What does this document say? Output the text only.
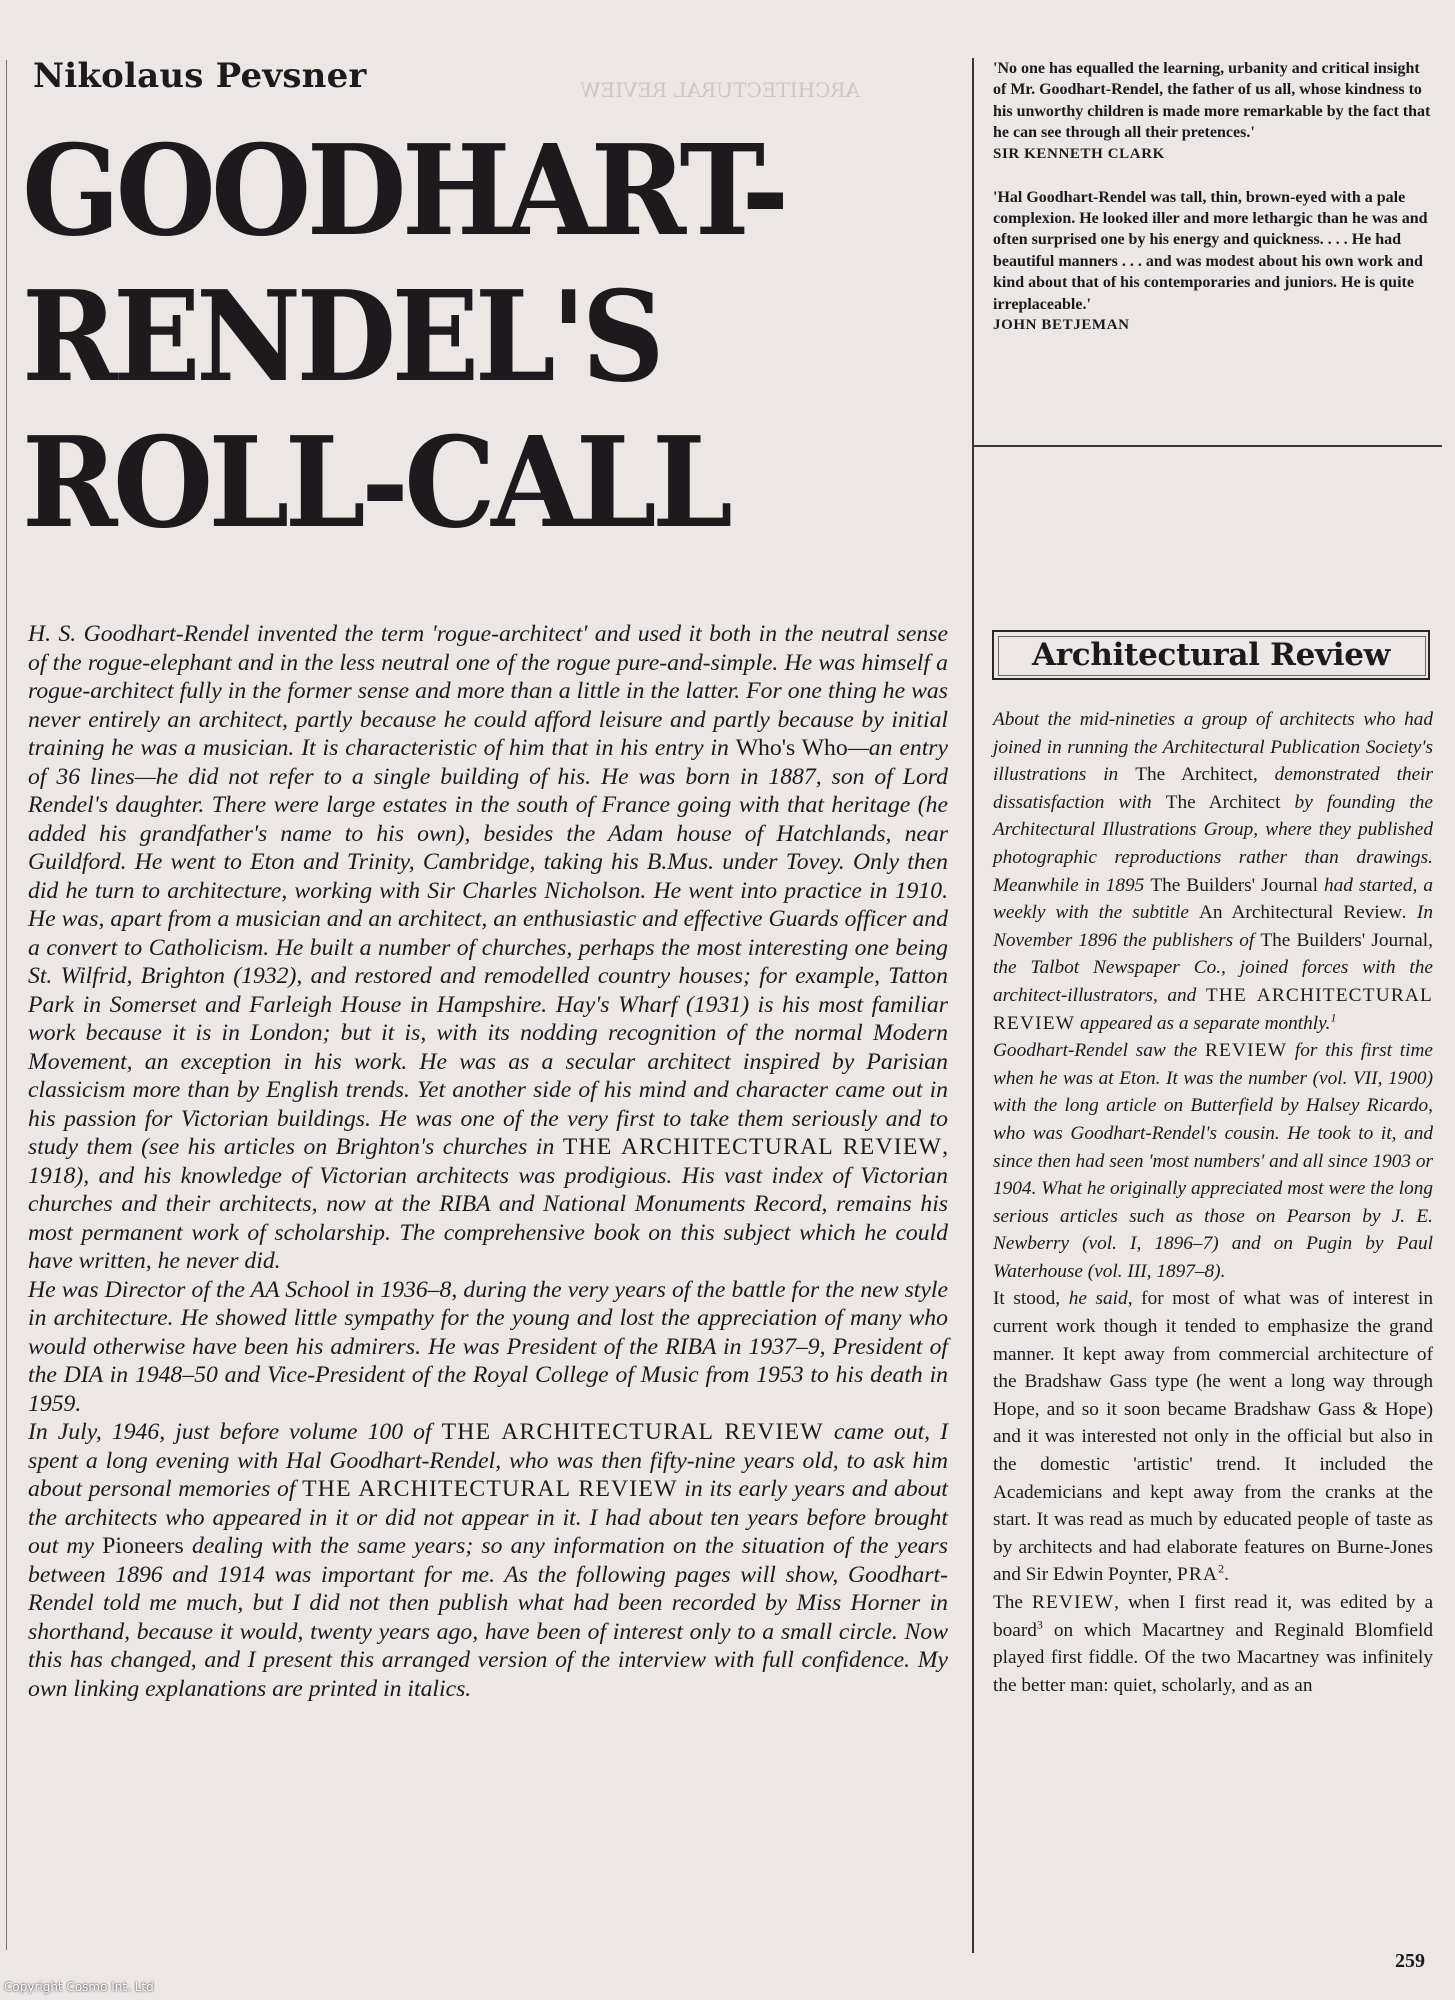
ARCHITECTURAL REVIEW
Nikolaus Pevsner
GOODHART-
RENDEL'S
ROLL-CALL

'No one has equalled the learning, urbanity and critical insight of Mr. Goodhart-Rendel, the father of us all, whose kindness to his unworthy children is made more remarkable by the fact that he can see through all their pretences.'

SIR KENNETH CLARK

'Hal Goodhart-Rendel was tall, thin, brown-eyed with a pale complexion. He looked iller and more lethargic than he was and often surprised one by his energy and quickness. . . . He had beautiful manners . . . and was modest about his own work and kind about that of his contemporaries and juniors. He is quite irreplaceable.'

JOHN BETJEMAN

H. S. Goodhart-Rendel invented the term 'rogue-architect' and used it both in the neutral sense of the rogue-elephant and in the less neutral one of the rogue pure-and-simple. He was himself a rogue-architect fully in the former sense and more than a little in the latter. For one thing he was never entirely an architect, partly because he could afford leisure and partly because by initial training he was a musician. It is characteristic of him that in his entry in Who's Who—an entry of 36 lines—he did not refer to a single building of his. He was born in 1887, son of Lord Rendel's daughter. There were large estates in the south of France going with that heritage (he added his grandfather's name to his own), besides the Adam house of Hatchlands, near Guildford. He went to Eton and Trinity, Cambridge, taking his B.Mus. under Tovey. Only then did he turn to architecture, working with Sir Charles Nicholson. He went into practice in 1910. He was, apart from a musician and an architect, an enthusiastic and effective Guards officer and a convert to Catholicism. He built a number of churches, perhaps the most interesting one being St. Wilfrid, Brighton (1932), and restored and remodelled country houses; for example, Tatton Park in Somerset and Farleigh House in Hampshire. Hay's Wharf (1931) is his most familiar work because it is in London; but it is, with its nodding recognition of the normal Modern Movement, an exception in his work. He was as a secular architect inspired by Parisian classicism more than by English trends. Yet another side of his mind and character came out in his passion for Victorian buildings. He was one of the very first to take them seriously and to study them (see his articles on Brighton's churches in THE ARCHITECTURAL REVIEW, 1918), and his knowledge of Victorian architects was prodigious. His vast index of Victorian churches and their architects, now at the RIBA and National Monuments Record, remains his most permanent work of scholarship. The comprehensive book on this subject which he could have written, he never did.

He was Director of the AA School in 1936–8, during the very years of the battle for the new style in architecture. He showed little sympathy for the young and lost the appreciation of many who would otherwise have been his admirers. He was President of the RIBA in 1937–9, President of the DIA in 1948–50 and Vice-President of the Royal College of Music from 1953 to his death in 1959.

In July, 1946, just before volume 100 of THE ARCHITECTURAL REVIEW came out, I spent a long evening with Hal Goodhart-Rendel, who was then fifty-nine years old, to ask him about personal memories of THE ARCHITECTURAL REVIEW in its early years and about the architects who appeared in it or did not appear in it. I had about ten years before brought out my Pioneers dealing with the same years; so any information on the situation of the years between 1896 and 1914 was important for me. As the following pages will show, Goodhart-Rendel told me much, but I did not then publish what had been recorded by Miss Horner in shorthand, because it would, twenty years ago, have been of interest only to a small circle. Now this has changed, and I present this arranged version of the interview with full confidence. My own linking explanations are printed in italics.

Architectural Review

About the mid-nineties a group of architects who had joined in running the Architectural Publication Society's illustrations in The Architect, demonstrated their dissatisfaction with The Architect by founding the Architectural Illustrations Group, where they published photographic reproductions rather than drawings. Meanwhile in 1895 The Builders' Journal had started, a weekly with the subtitle An Architectural Review. In November 1896 the publishers of The Builders' Journal, the Talbot Newspaper Co., joined forces with the architect-illustrators, and THE ARCHITECTURAL REVIEW appeared as a separate monthly.$^1$

Goodhart-Rendel saw the REVIEW for this first time when he was at Eton. It was the number (vol. VII, 1900) with the long article on Butterfield by Halsey Ricardo, who was Goodhart-Rendel's cousin. He took to it, and since then had seen 'most numbers' and all since 1903 or 1904. What he originally appreciated most were the long serious articles such as those on Pearson by J. E. Newberry (vol. I, 1896–7) and on Pugin by Paul Waterhouse (vol. III, 1897–8).

It stood, he said, for most of what was of interest in current work though it tended to emphasize the grand manner. It kept away from commercial architecture of the Bradshaw Gass type (he went a long way through Hope, and so it soon became Bradshaw Gass & Hope) and it was interested not only in the official but also in the domestic 'artistic' trend. It included the Academicians and kept away from the cranks at the start. It was read as much by educated people of taste as by architects and had elaborate features on Burne-Jones and Sir Edwin Poynter, PRA$^2$.

The REVIEW, when I first read it, was edited by a board$^3$ on which Macartney and Reginald Blomfield played first fiddle. Of the two Macartney was infinitely the better man: quiet, scholarly, and as an

259
Copyright Cosmo Int. Ltd
